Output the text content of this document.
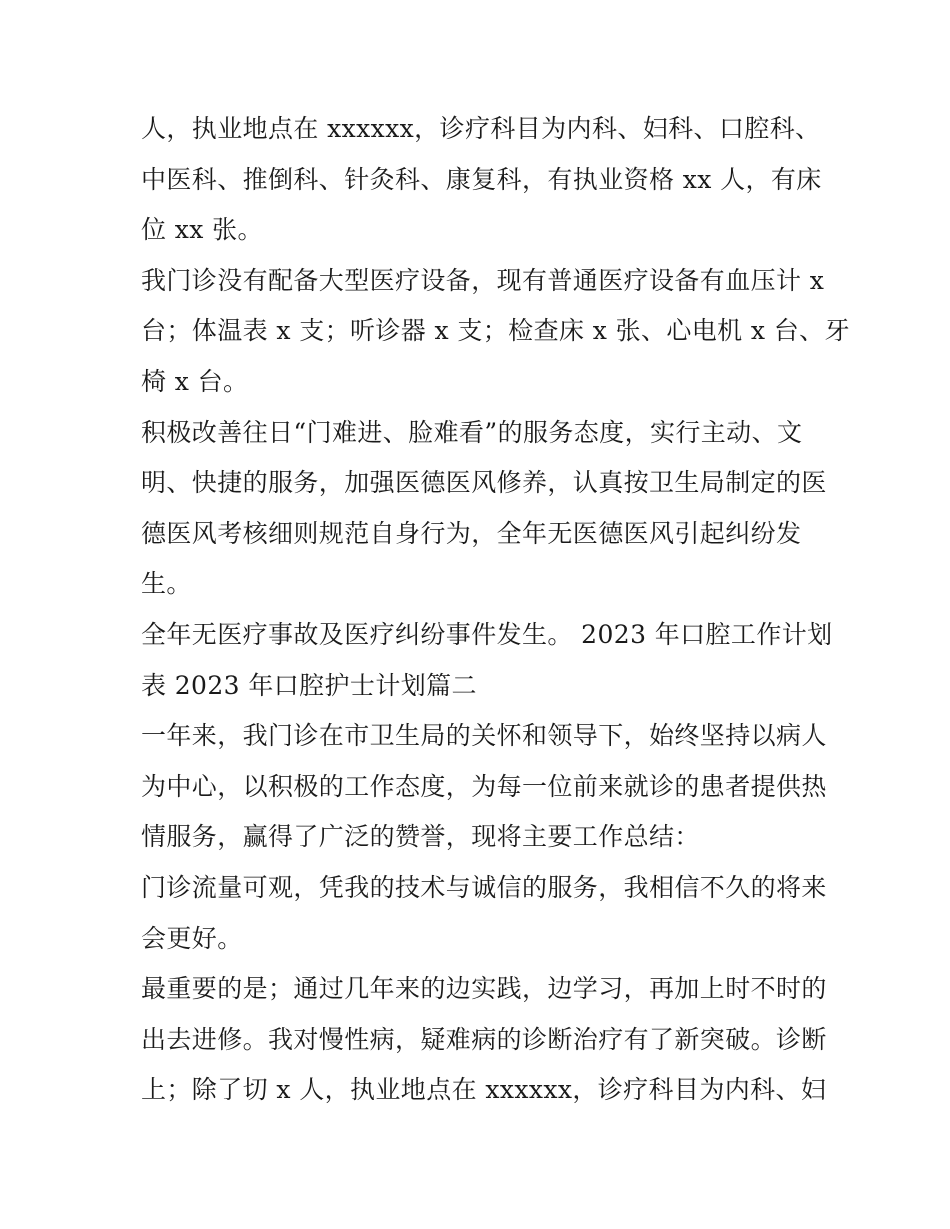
人，执业地点在 xxxxxx，诊疗科目为内科、妇科、口腔科、
中医科、推倒科、针灸科、康复科，有执业资格 xx 人，有床
位 xx 张。
我门诊没有配备大型医疗设备，现有普通医疗设备有血压计 x
台；体温表 x 支；听诊器 x 支；检查床 x 张、心电机 x 台、牙
椅 x 台。
积极改善往日“门难进、脸难看”的服务态度，实行主动、文
明、快捷的服务，加强医德医风修养，认真按卫生局制定的医
德医风考核细则规范自身行为，全年无医德医风引起纠纷发
生。
全年无医疗事故及医疗纠纷事件发生。 2023 年口腔工作计划
表 2023 年口腔护士计划篇二
一年来，我门诊在市卫生局的关怀和领导下，始终坚持以病人
为中心，以积极的工作态度，为每一位前来就诊的患者提供热
情服务，赢得了广泛的赞誉，现将主要工作总结：
门诊流量可观，凭我的技术与诚信的服务，我相信不久的将来
会更好。
最重要的是；通过几年来的边实践，边学习，再加上时不时的
出去进修。我对慢性病，疑难病的诊断治疗有了新突破。诊断
上；除了切 x 人，执业地点在 xxxxxx，诊疗科目为内科、妇
